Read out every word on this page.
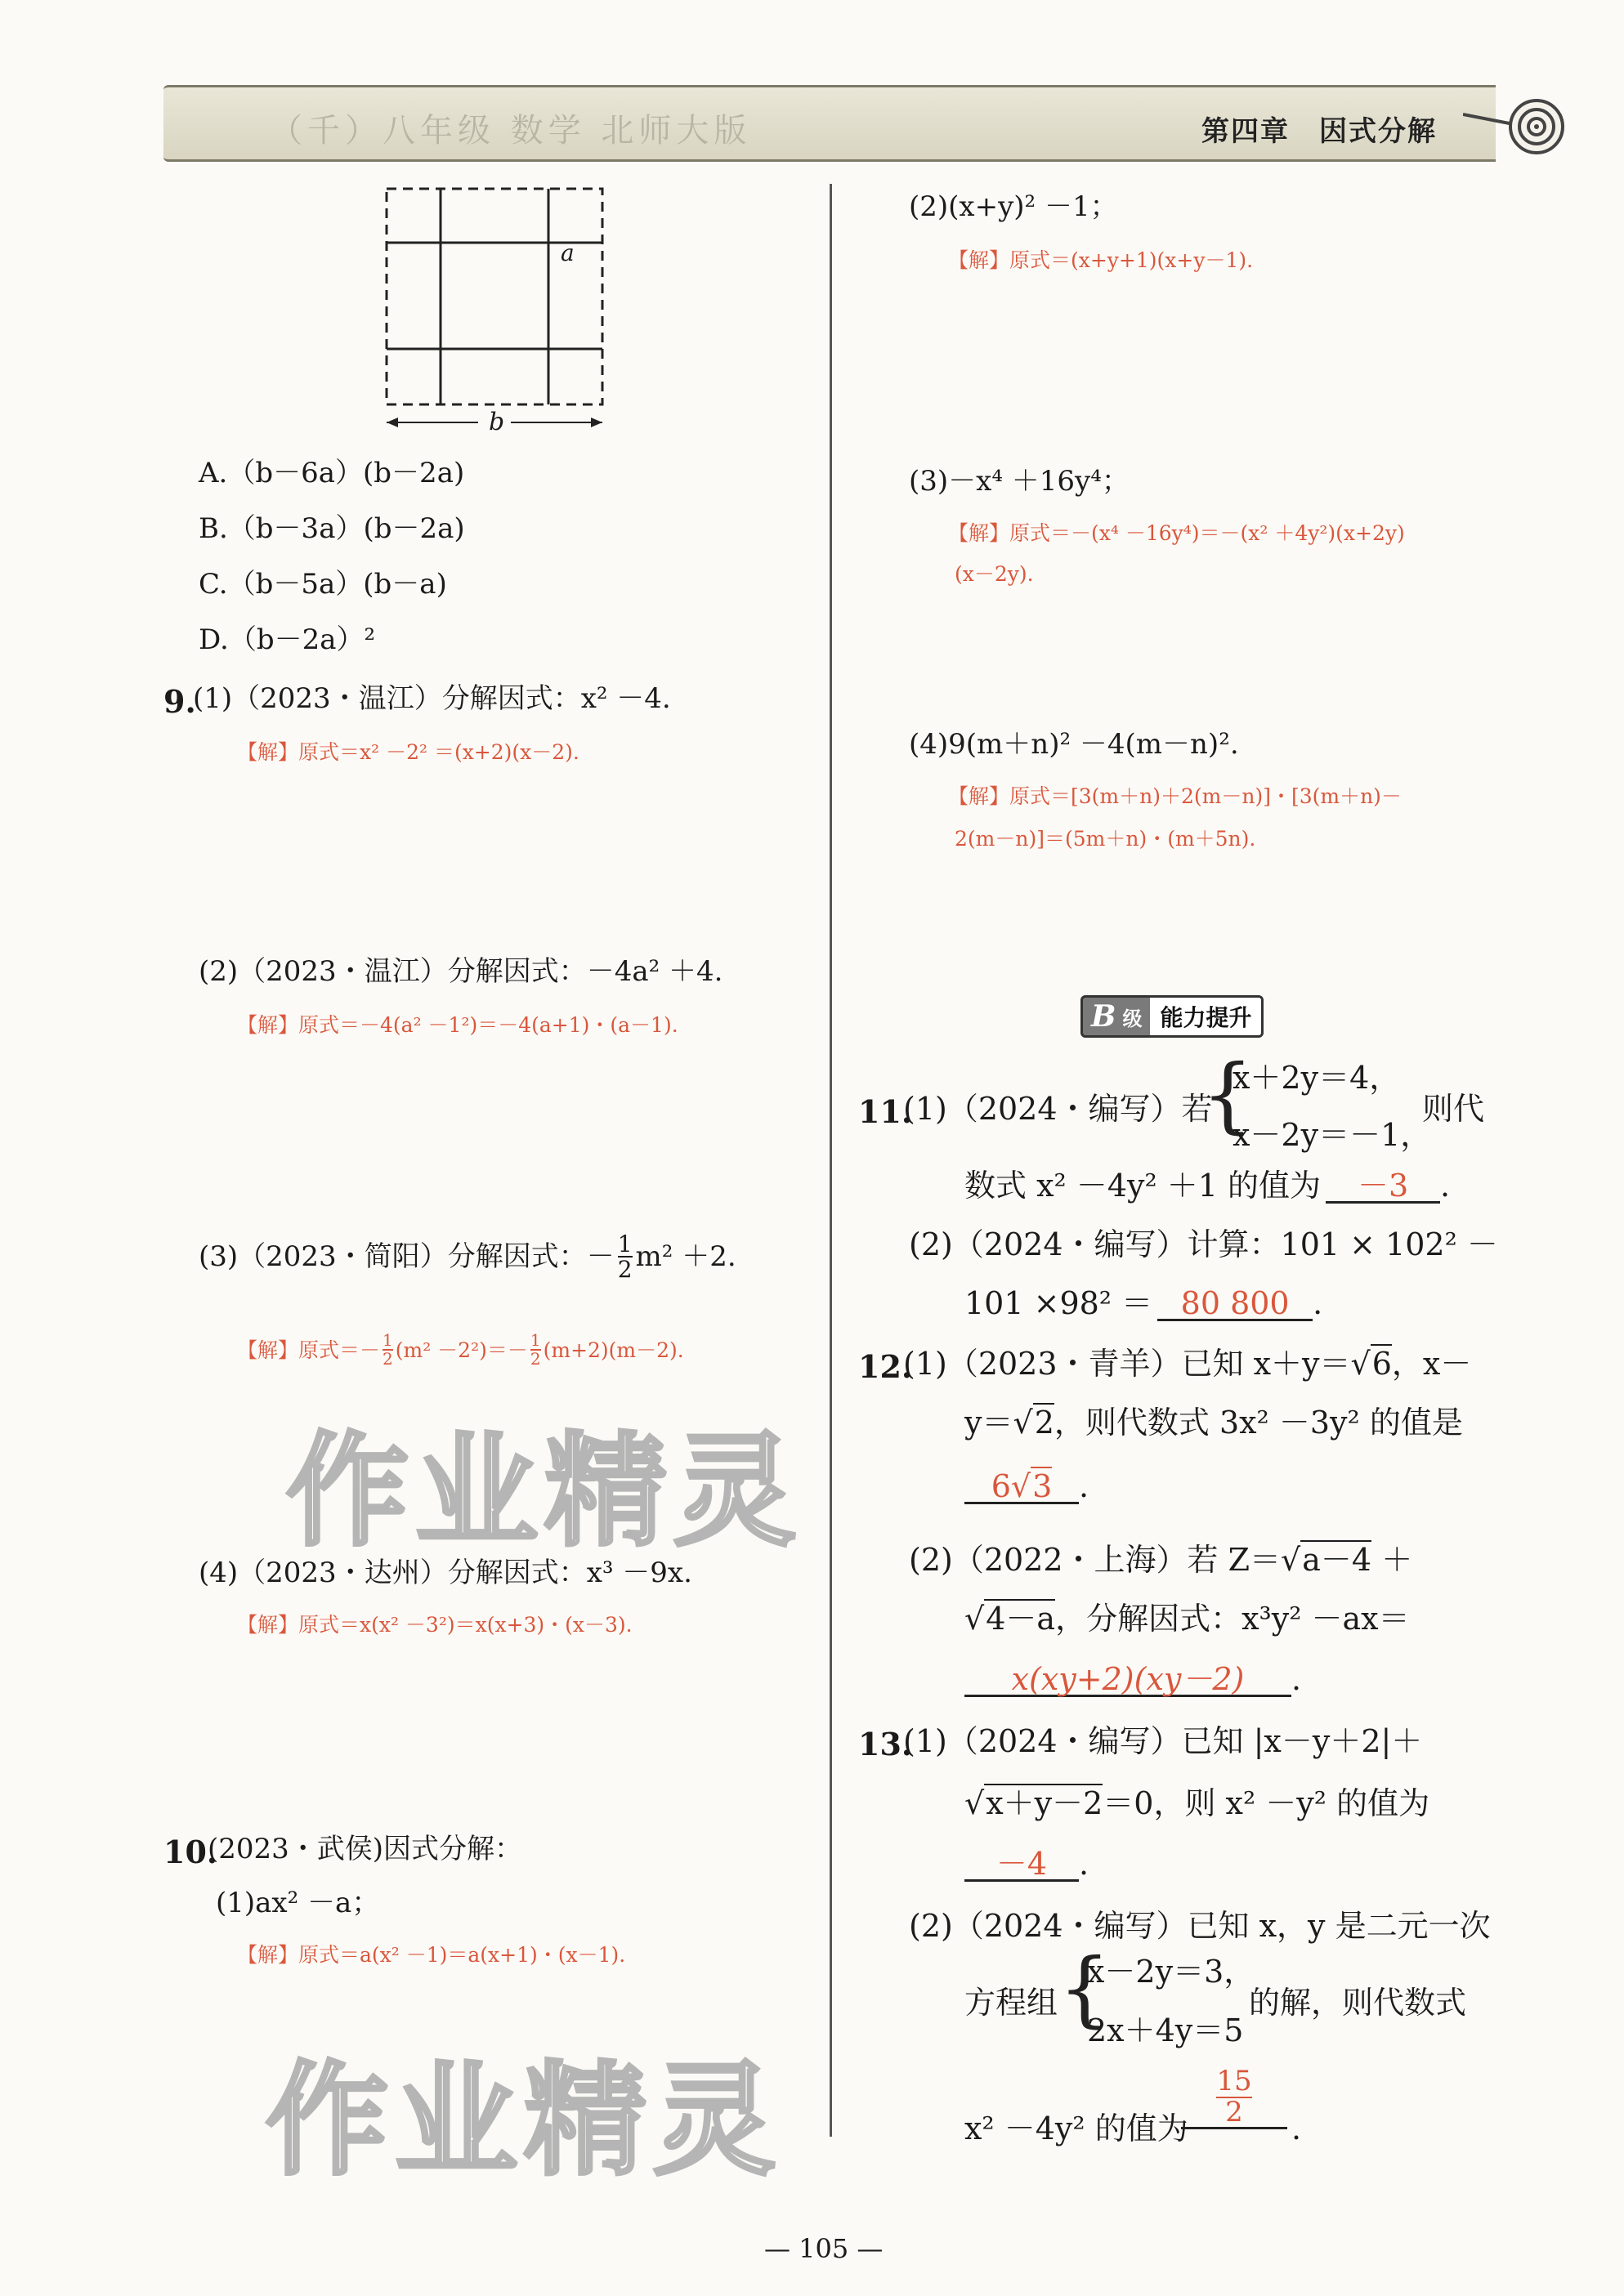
（千）八年级 数学 北师大版	第四章　因式分解
a
b
A.（b－6a）(b－2a)
B.（b－3a）(b－2a)
C.（b－5a）(b－a)
D.（b－2a）²
9.
(1)（2023・温江）分解因式：x² －4.
【解】原式＝x² －2² ＝(x+2)(x－2).
(2)（2023・温江）分解因式：－4a² ＋4.
【解】原式＝－4(a² －1²)＝－4(a+1)・(a－1).
(3)（2023・简阳）分解因式：－ $\frac{1}{2} m^2 +2$.
【解】原式＝－ $\frac{1}{2} (m^2 -2^2)=- \frac{1}{2} (m+2)(m-2)$.
(4)（2023・达州）分解因式：x³ －9x.
【解】原式＝x(x² －3²)＝x(x+3)・(x－3).
作业精灵
作业精灵
10.
(2023・武侯)因式分解：
(1)ax² －a；
【解】原式＝a(x² －1)＝a(x+1)・(x－1).
(2)(x+y)² －1；
【解】原式＝(x+y+1)(x+y－1).
(3)－x⁴ ＋16y⁴；
【解】原式＝－(x⁴ －16y⁴)＝－(x² ＋4y²)(x+2y)
(x－2y).
(4)9(m＋n)² －4(m－n)².
【解】原式＝[3(m＋n)＋2(m－n)]・[3(m＋n)－
2(m－n)]＝(5m＋n)・(m＋5n).
B 级 能力提升
11.
(1)（2024・编写）若
{
x＋2y＝4，
x－2y＝－1，
则代
数式 x² －4y² ＋1 的值为 －3 .
(2)（2024・编写）计算：101 × 102² －
101 ×98² ＝ 80 800 .
12.
(1)（2023・青羊）已知 x＋y＝√6，x－
y＝√2，则代数式 3x² －3y² 的值是
6√3 .
(2)（2022・上海）若 Z＝√a－4 ＋
√4－a，分解因式：x³y² －ax＝
x(xy+2)(xy－2) .
13.
(1)（2024・编写）已知 |x－y＋2|＋
√x＋y－2＝0，则 x² －y² 的值为
－4 .
(2)（2024・编写）已知 x，y 是二元一次
方程组 {
x－2y＝3，
2x＋4y＝5
的解，则代数式
x² －4y² 的值为
$\frac{15}{2}$
.
— 105 —
